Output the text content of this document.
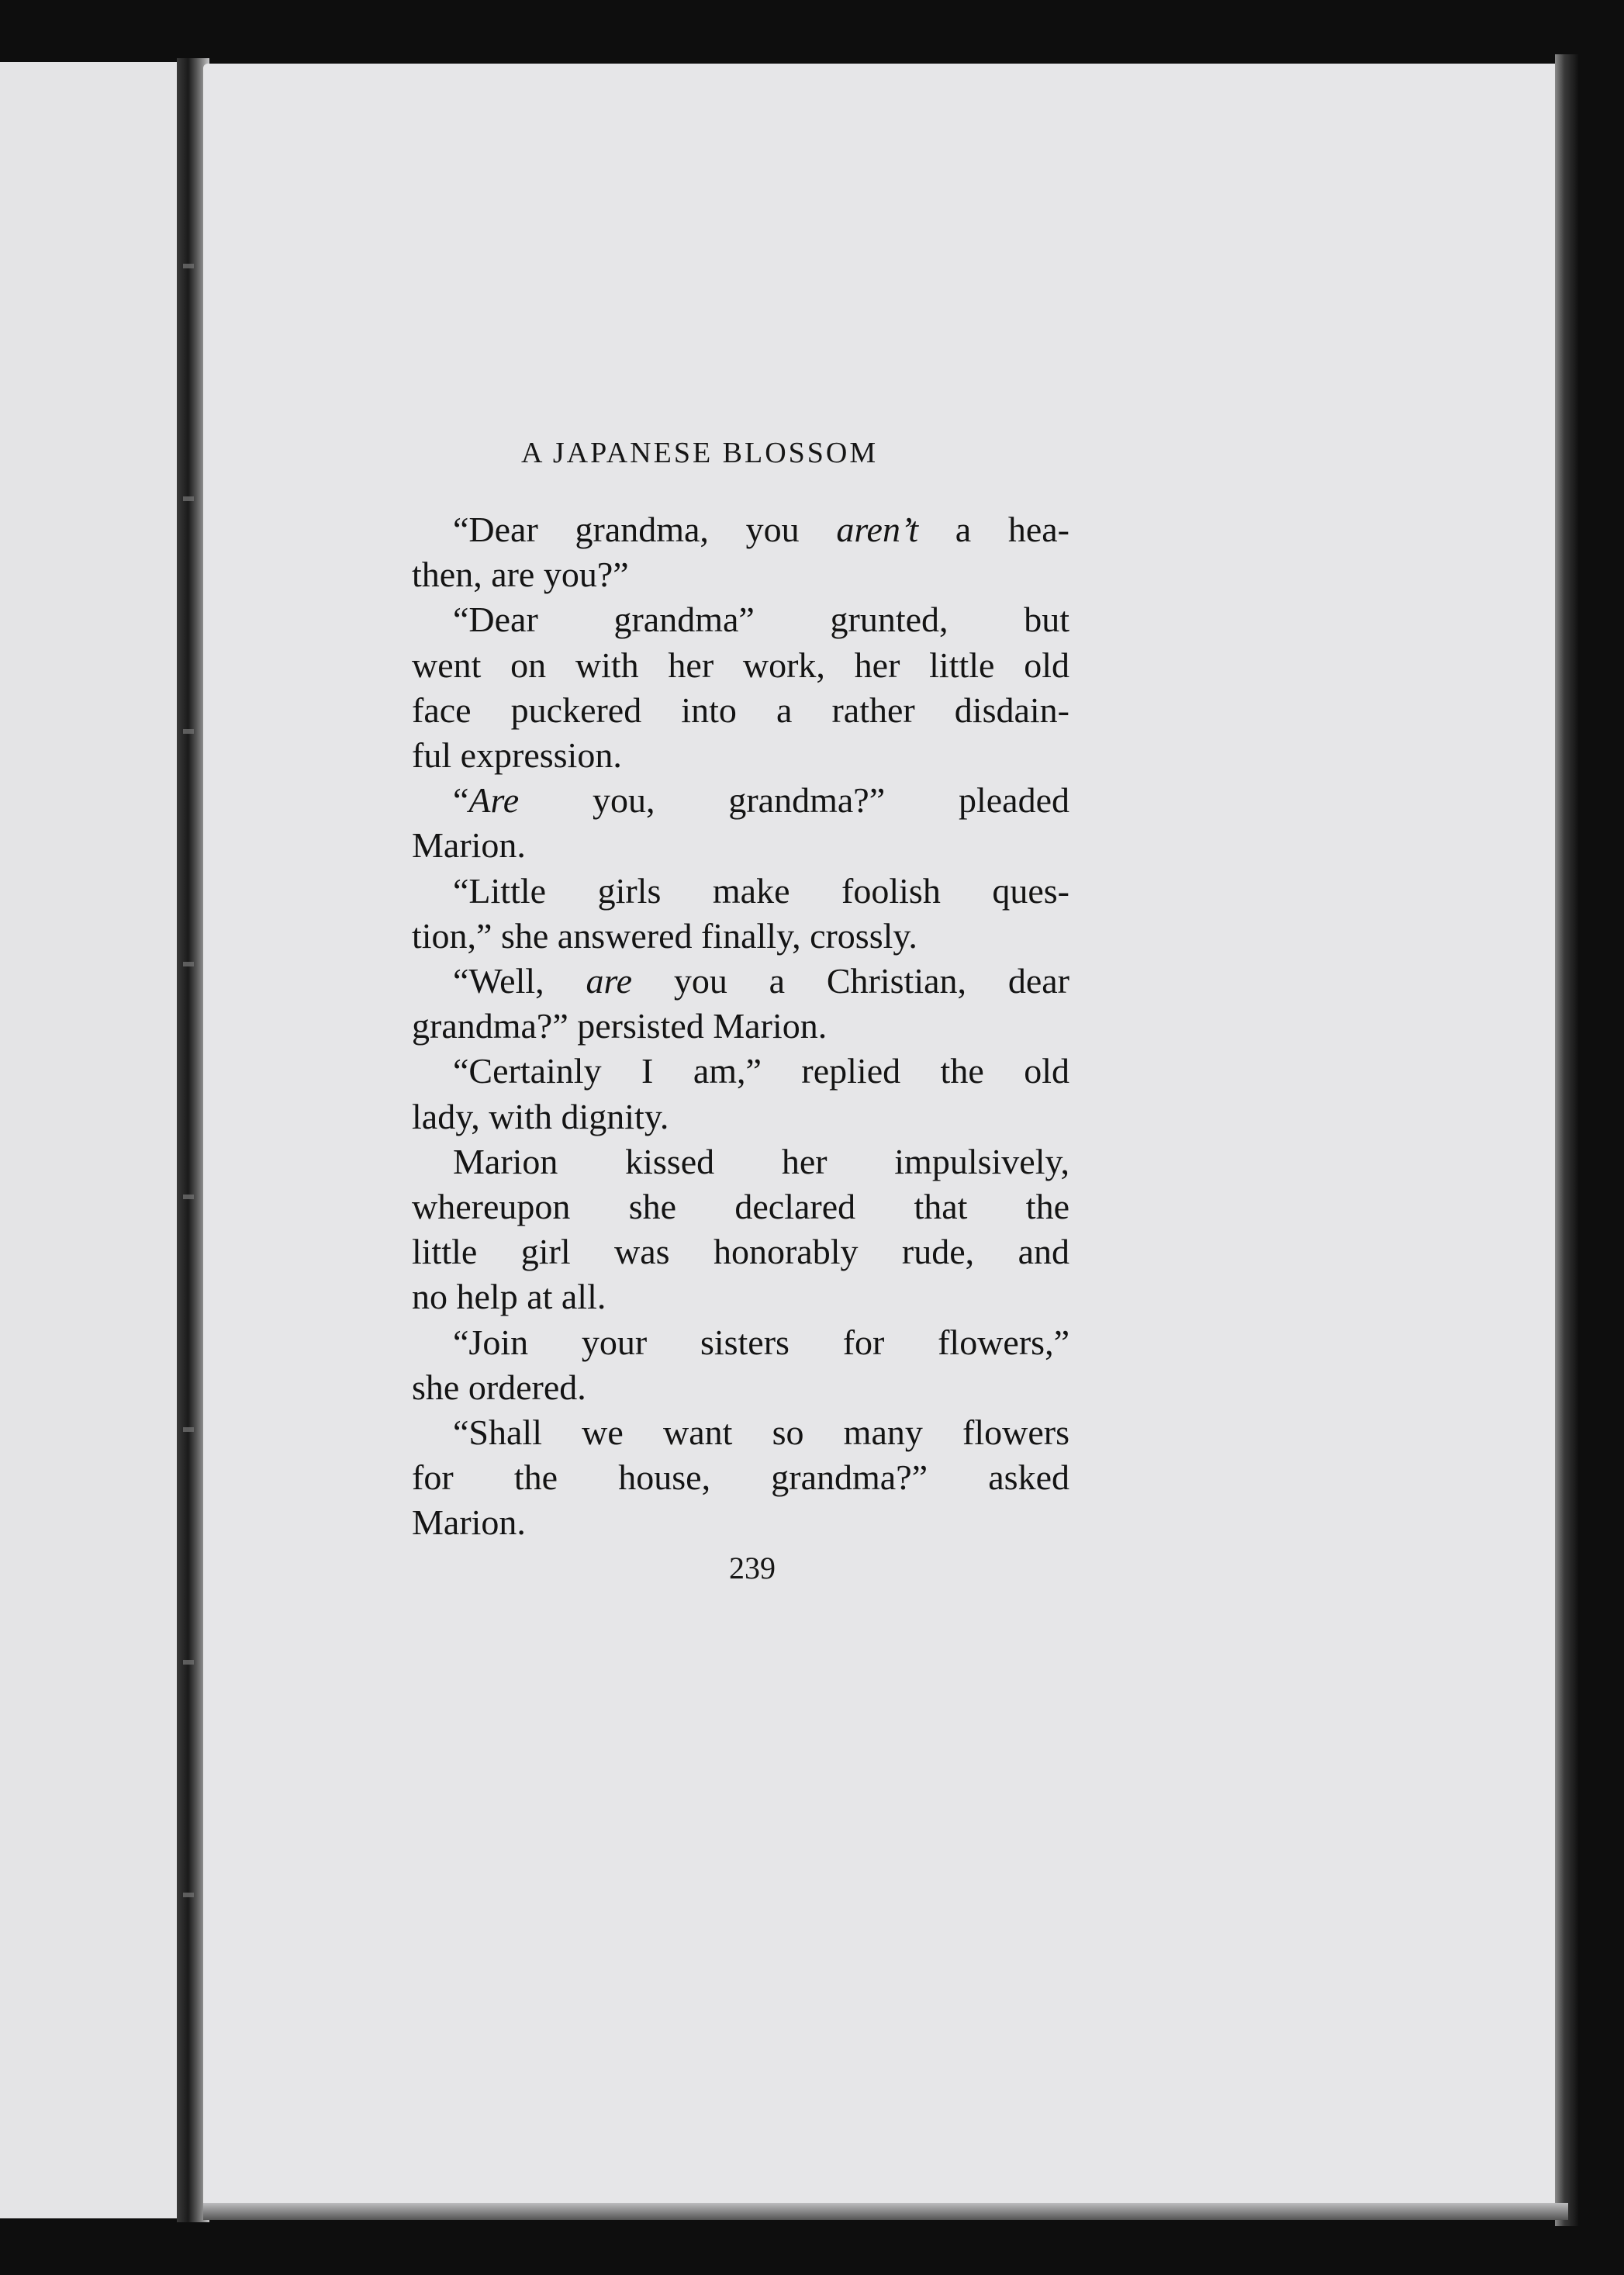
A JAPANESE BLOSSOM
“Dear grandma, you aren’t a hea-
then, are you?”
“Dear grandma” grunted, but
went on with her work, her little old
face puckered into a rather disdain-
ful expression.
“Are you, grandma?” pleaded
Marion.
“Little girls make foolish ques-
tion,” she answered finally, crossly.
“Well, are you a Christian, dear
grandma?” persisted Marion.
“Certainly I am,” replied the old
lady, with dignity.
Marion kissed her impulsively,
whereupon she declared that the
little girl was honorably rude, and
no help at all.
“Join your sisters for flowers,”
she ordered.
“Shall we want so many flowers
for the house, grandma?” asked
Marion.
239
